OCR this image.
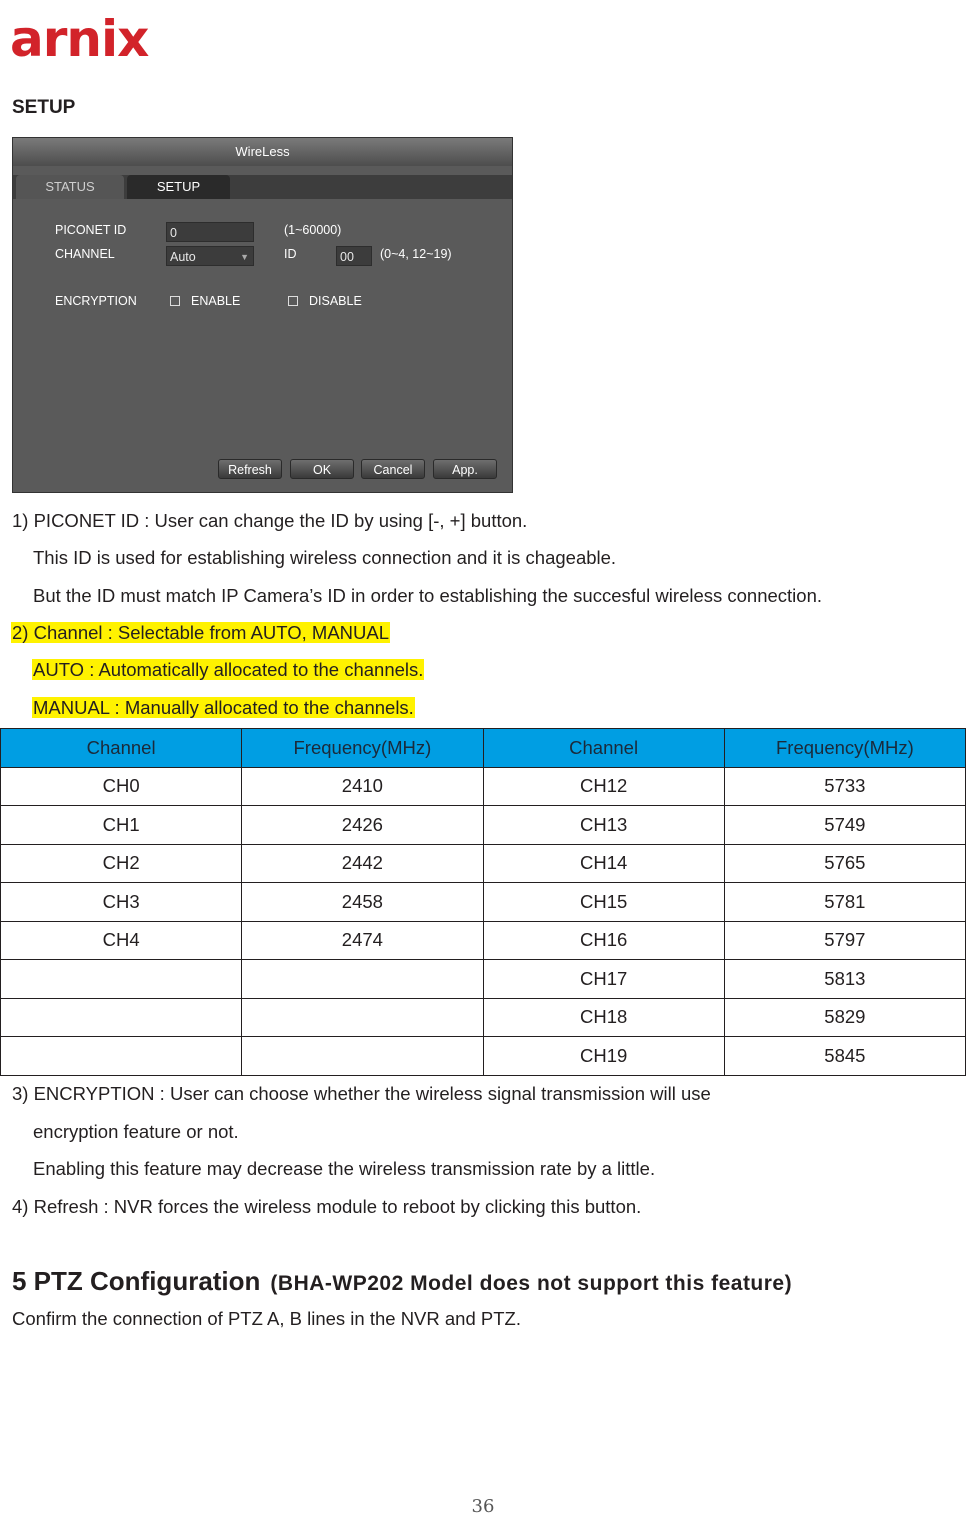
arnix
SETUP
WireLess
STATUS	SETUP
PICONET ID	0	(1~60000)
CHANNEL	Auto	▼	ID	00	(0~4, 12~19)
ENCRYPTION	ENABLE	DISABLE
Refresh	OK	Cancel	App.
1) PICONET ID : User can change the ID by using [-, +] button.
This ID is used for establishing wireless connection and it is chageable.
But the ID must match IP Camera’s ID in order to establishing the succesful wireless connection.
2) Channel : Selectable from AUTO, MANUAL
AUTO : Automatically allocated to the channels.
MANUAL : Manually allocated to the channels.
Channel	Frequency(MHz)	Channel	Frequency(MHz)
CH0	2410	CH12	5733
CH1	2426	CH13	5749
CH2	2442	CH14	5765
CH3	2458	CH15	5781
CH4	2474	CH16	5797
		CH17	5813
		CH18	5829
		CH19	5845
3) ENCRYPTION : User can choose whether the wireless signal transmission will use
encryption feature or not.
Enabling this feature may decrease the wireless transmission rate by a little.
4) Refresh : NVR forces the wireless module to reboot by clicking this button.
5 PTZ Configuration (BHA-WP202 Model does not support this feature)
Confirm the connection of PTZ A, B lines in the NVR and PTZ.
36
